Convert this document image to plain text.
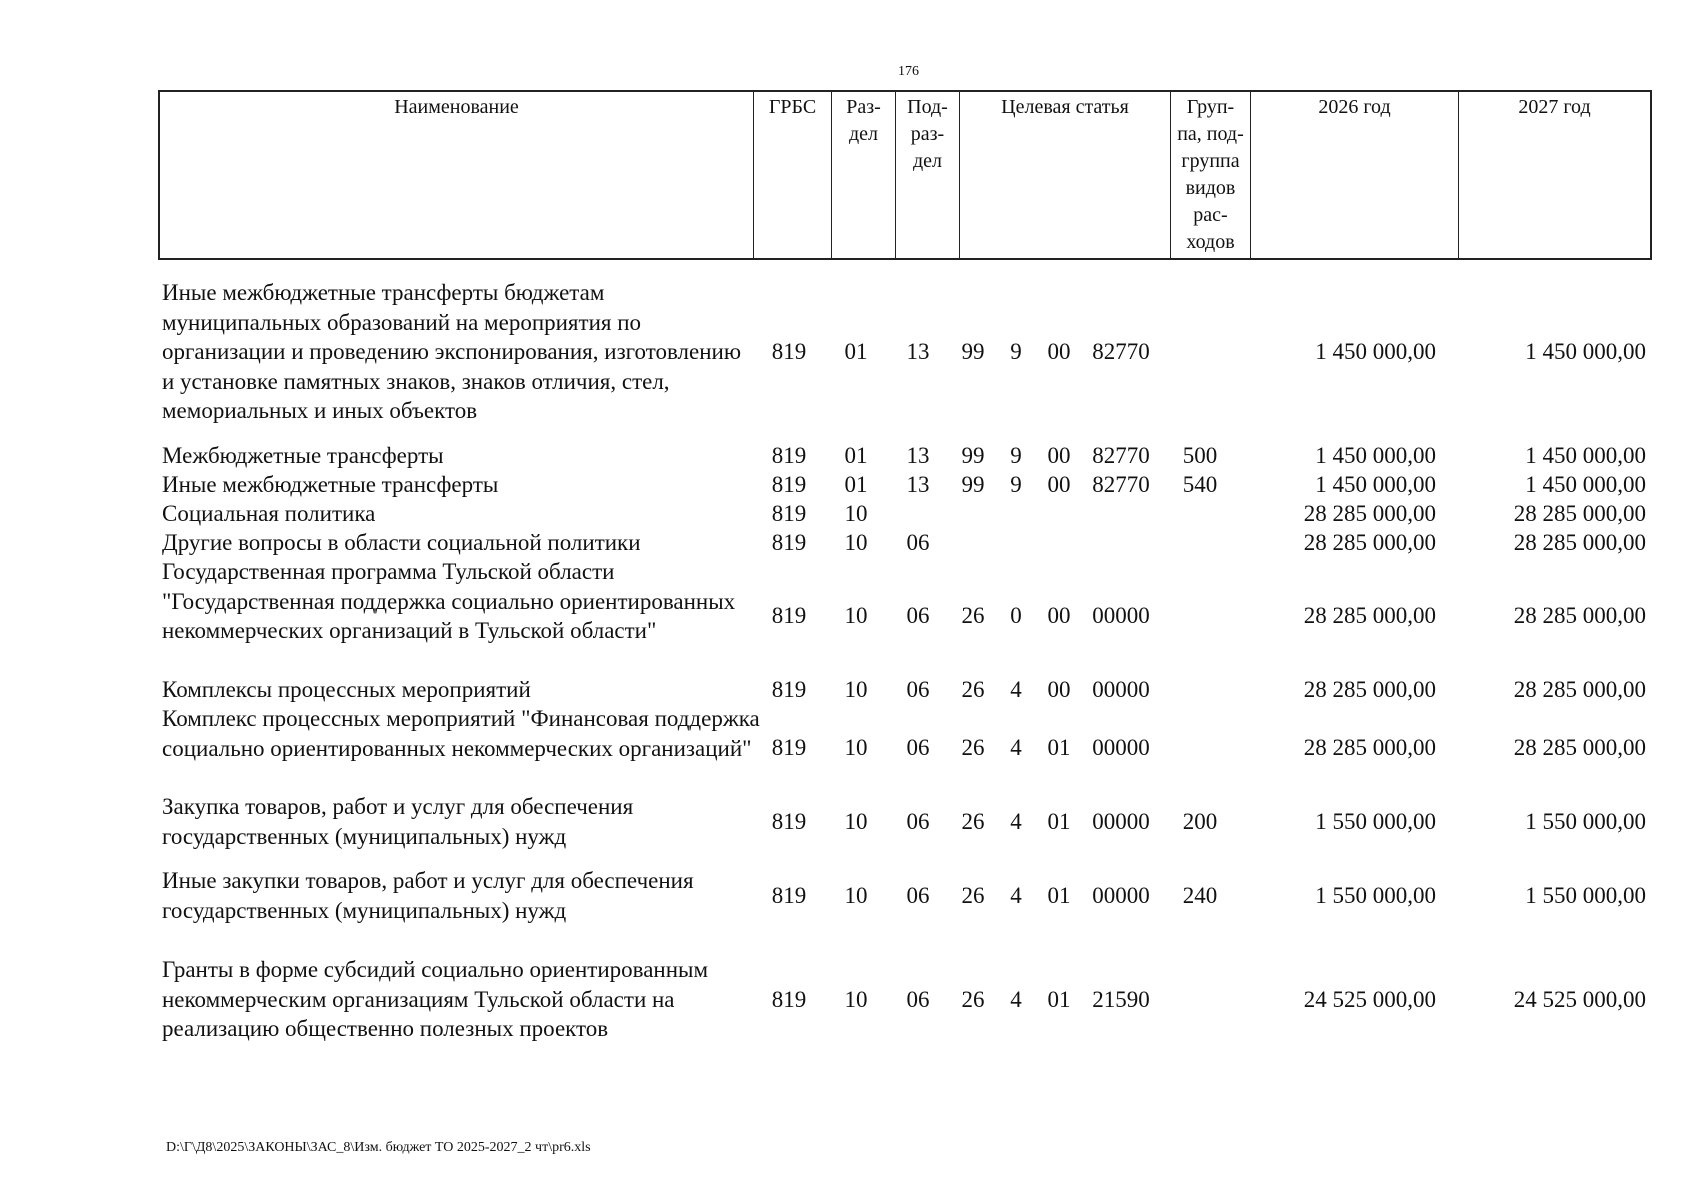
176
Наименование	ГРБС	Раз-
дел
Под-
раз-
дел
Целевая статья	Груп-
па, под-
группа
видов
рас-
ходов
2026 год	2027 год
Иные межбюджетные трансферты бюджетам муниципальных образований на мероприятия по организации и проведению экспонирования, изготовлению и установке памятных знаков, знаков отличия, стел, мемориальных и иных объектов
819	01	13	99	9	00 82770	1 450 000,00	1 450 000,00
Межбюджетные трансферты	819	01	13	99	9	00 82770	500	1 450 000,00	1 450 000,00
Иные межбюджетные трансферты	819	01	13	99	9	00 82770	540	1 450 000,00	1 450 000,00
Социальная политика	819	10	28 285 000,00	28 285 000,00
Другие вопросы в области социальной политики	819	10	06	28 285 000,00	28 285 000,00
Государственная программа Тульской области "Государственная поддержка социально ориентированных некоммерческих организаций в Тульской области"
819	10	06	26	0	00 00000	28 285 000,00	28 285 000,00
Комплексы процессных мероприятий	819	10	06	26	4	00 00000	28 285 000,00	28 285 000,00
Комплекс процессных мероприятий "Финансовая поддержка социально ориентированных некоммерческих организаций" 819	10	06	26	4	01 00000	28 285 000,00	28 285 000,00
Закупка товаров, работ и услуг для обеспечения государственных (муниципальных) нужд
819	10	06	26	4	01 00000	200	1 550 000,00	1 550 000,00
Иные закупки товаров, работ и услуг для обеспечения государственных (муниципальных) нужд
819	10	06	26	4	01 00000	240	1 550 000,00	1 550 000,00
Гранты в форме субсидий социально ориентированным некоммерческим организациям Тульской области на реализацию общественно полезных проектов
819	10	06	26	4	01 21590	24 525 000,00	24 525 000,00
D:\Г\Д8\2025\ЗАКОНЫ\ЗАС_8\Изм. бюджет ТО 2025-2027_2 чт\pr6.xls
